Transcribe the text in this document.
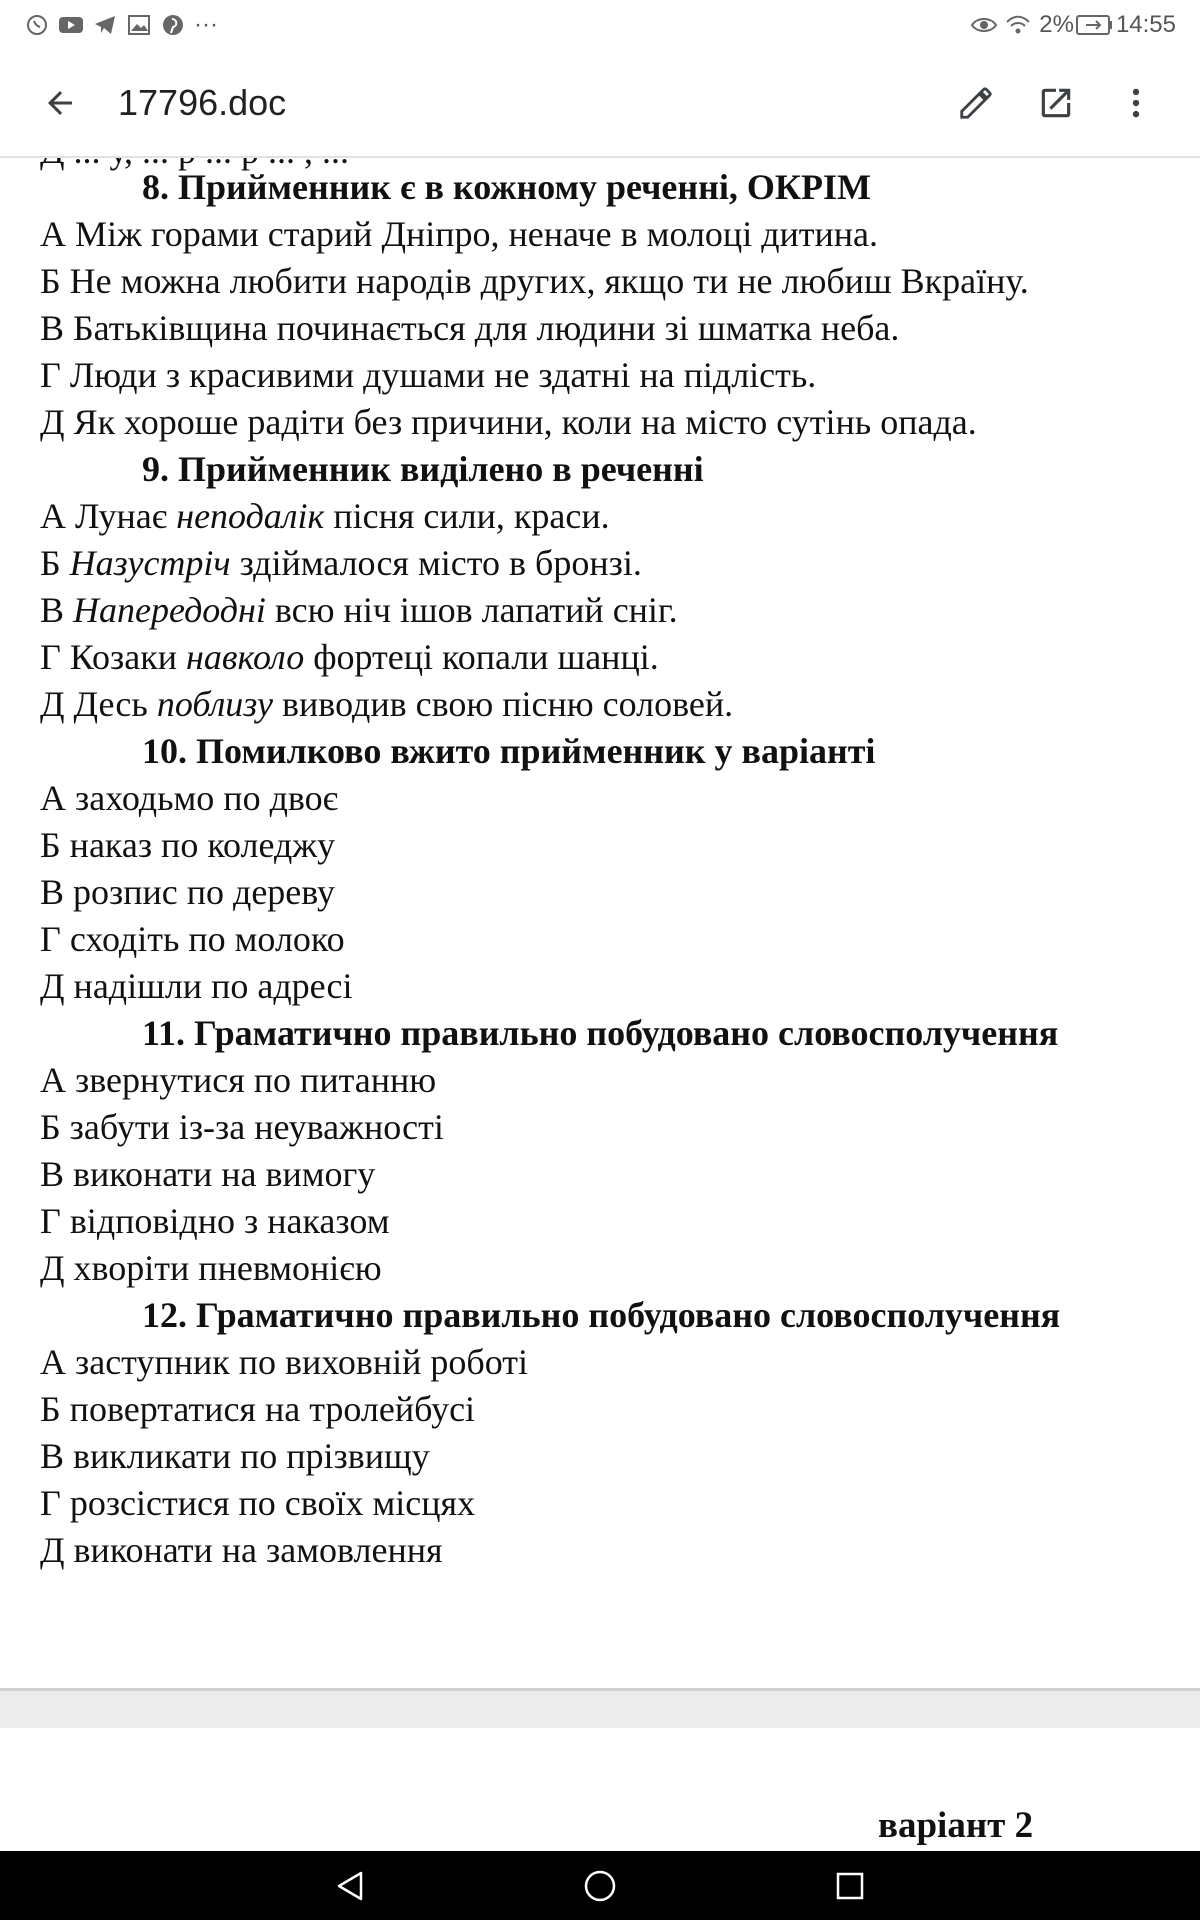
···	2% 14:55
17796.doc
8. Прийменник є в кожному реченні, ОКРІМ
А Між горами старий Дніпро, неначе в молоці дитина.
Б Не можна любити народів других, якщо ти не любиш Вкраїну.
В Батьківщина починається для людини зі шматка неба.
Г Люди з красивими душами не здатні на підлість.
Д Як хороше радіти без причини, коли на місто сутінь опада.
9. Прийменник виділено в реченні
А Лунає неподалік пісня сили, краси.
Б Назустріч здіймалося місто в бронзі.
В Напередодні всю ніч ішов лапатий сніг.
Г Козаки навколо фортеці копали шанці.
Д Десь поблизу виводив свою пісню соловей.
10. Помилково вжито прийменник у варіанті
А заходьмо по двоє
Б наказ по коледжу
В розпис по дереву
Г сходіть по молоко
Д надішли по адресі
11. Граматично правильно побудовано словосполучення
А звернутися по питанню
Б забути із-за неуважності
В виконати на вимогу
Г відповідно з наказом
Д хворіти пневмонією
12. Граматично правильно побудовано словосполучення
А заступник по виховній роботі
Б повертатися на тролейбусі
В викликати по прізвищу
Г розсістися по своїх місцях
Д виконати на замовлення
варіант 2
